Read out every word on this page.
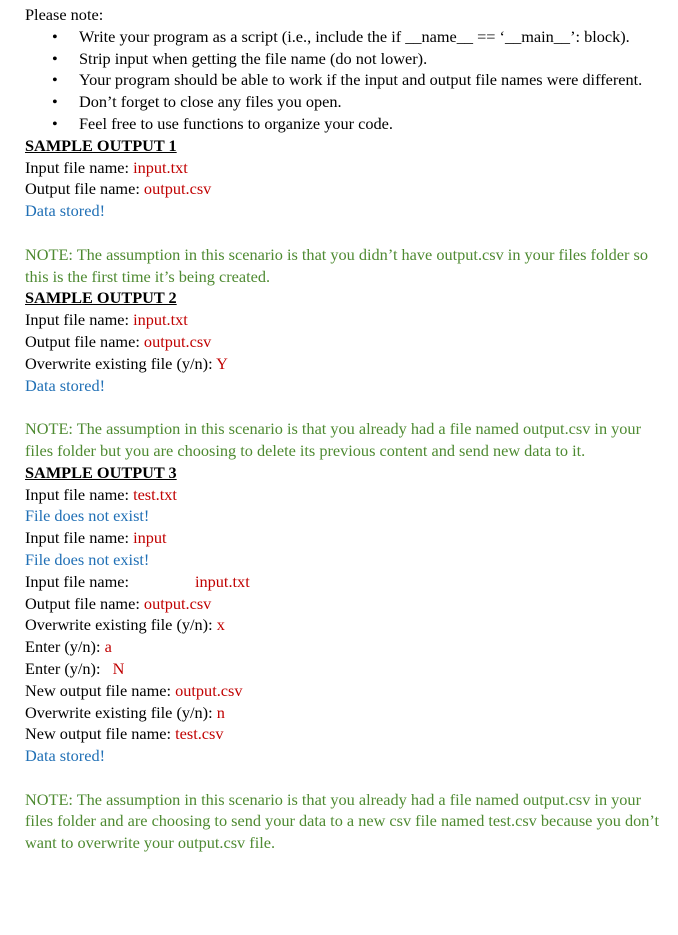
Please note:

• Write your program as a script (i.e., include the if __name__ == ‘__main__’: block).
• Strip input when getting the file name (do not lower).
• Your program should be able to work if the input and output file names were different.
• Don’t forget to close any files you open.
• Feel free to use functions to organize your code.

SAMPLE OUTPUT 1

Input file name: input.txt

Output file name: output.csv

Data stored!

NOTE: The assumption in this scenario is that you didn’t have output.csv in your files folder so this is the first time it’s being created.

SAMPLE OUTPUT 2

Input file name: input.txt

Output file name: output.csv

Overwrite existing file (y/n): Y

Data stored!

NOTE: The assumption in this scenario is that you already had a file named output.csv in your files folder but you are choosing to delete its previous content and send new data to it.

SAMPLE OUTPUT 3

Input file name: test.txt

File does not exist!

Input file name: input

File does not exist!

Input file name:	input.txt

Output file name: output.csv

Overwrite existing file (y/n): x

Enter (y/n): a

Enter (y/n): N

New output file name: output.csv

Overwrite existing file (y/n): n

New output file name: test.csv

Data stored!

NOTE: The assumption in this scenario is that you already had a file named output.csv in your files folder and are choosing to send your data to a new csv file named test.csv because you don’t want to overwrite your output.csv file.
